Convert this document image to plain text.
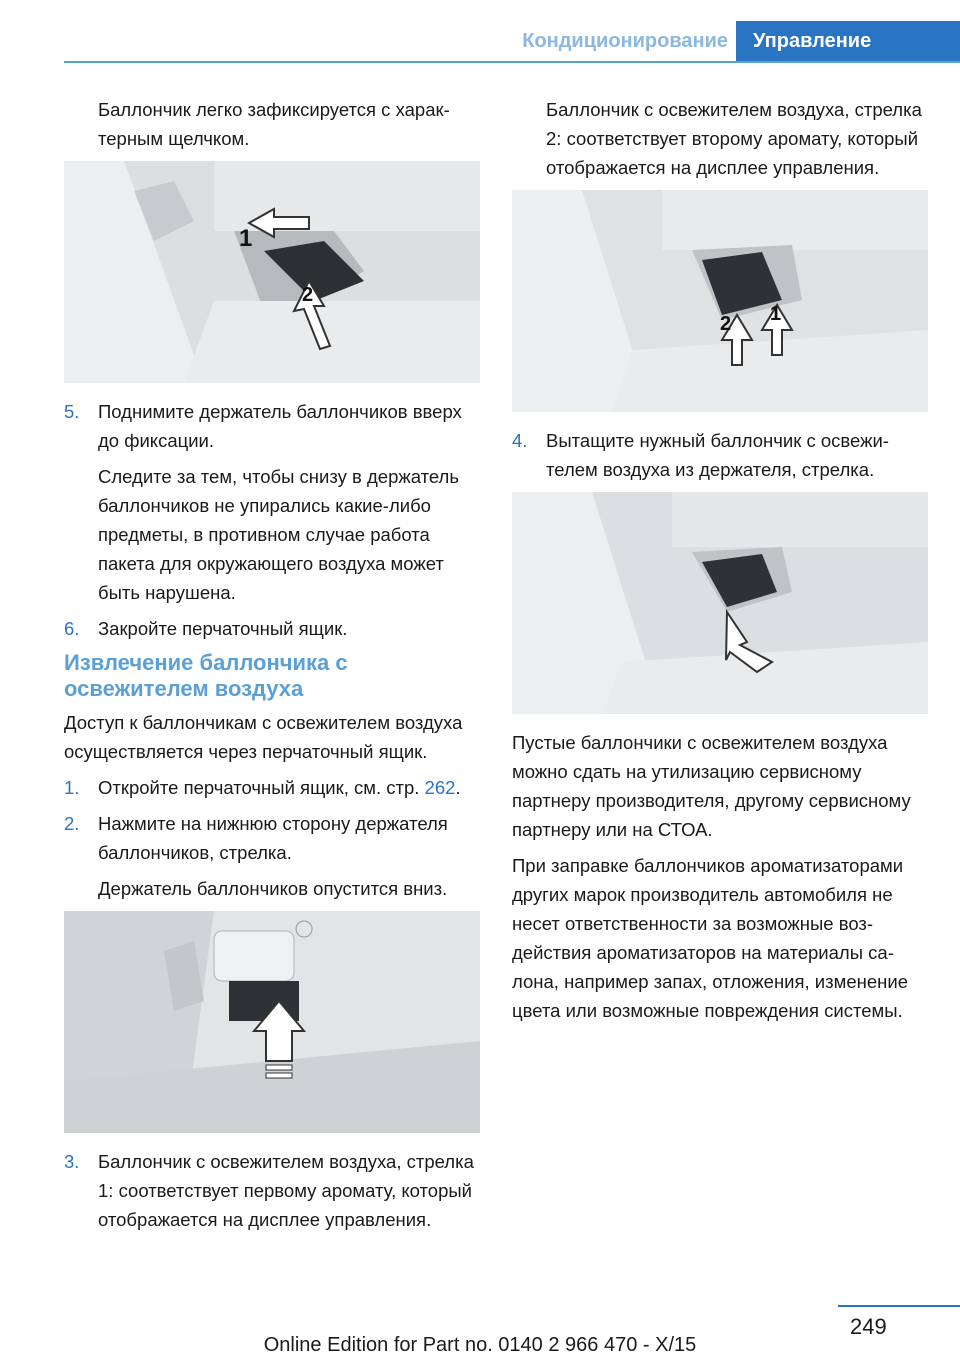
Кондиционирование Управление

Баллончик легко зафиксируется с характерным щелчком.

1
2
5. Поднимите держатель баллончиков вверх до фиксации.

Следите за тем, чтобы снизу в держатель баллончиков не упирались какие-либо предметы, в противном случае работа пакета для окружающего воздуха может быть нарушена.

6. Закройте перчаточный ящик.
Извлечение баллончика с освежителем воздуха

Доступ к баллончикам с освежителем воздуха осуществляется через перчаточный ящик.

1. Откройте перчаточный ящик, см. стр. 262.
2. Нажмите на нижнюю сторону держателя баллончиков, стрелка.

Держатель баллончиков опустится вниз.

3. Баллончик с освежителем воздуха, стрелка 1: соответствует первому аромату, который отображается на дисплее управления.

Баллончик с освежителем воздуха, стрелка 2: соответствует второму аромату, который отображается на дисплее управления.

2 1
4. Вытащите нужный баллончик с освежителем воздуха из держателя, стрелка.

Пустые баллончики с освежителем воздуха можно сдать на утилизацию сервисному партнеру производителя, другому сервисному партнеру или на СТОА.

При заправке баллончиков ароматизаторами других марок производитель автомобиля не несет ответственности за возможные воздействия ароматизаторов на материалы салона, например запах, отложения, изменение цвета или возможные повреждения системы.

249
Online Edition for Part no. 0140 2 966 470 - X/15
